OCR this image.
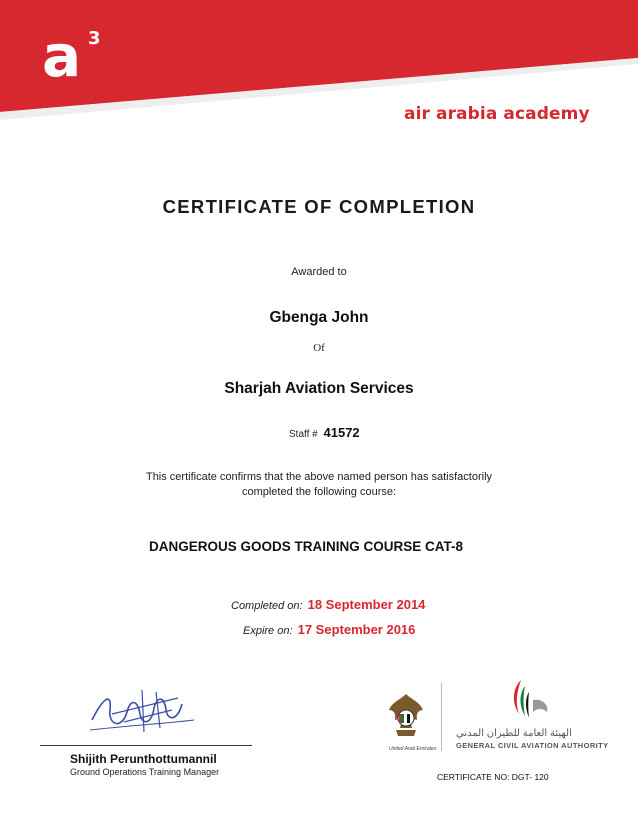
a 3
air arabia academy
CERTIFICATE OF COMPLETION
Awarded to
Gbenga John
Of
Sharjah Aviation Services
Staff # 41572
This certificate confirms that the above named person has satisfactorily
completed the following course:
DANGEROUS GOODS TRAINING COURSE CAT-8
Completed on: 18 September 2014
Expire on: 17 September 2016
Shijith Perunthottumannil
Ground Operations Training Manager
United Arab Emirates
الهيئة العامة للطيران المدني
GENERAL CIVIL AVIATION AUTHORITY
CERTIFICATE NO: DGT- 120
